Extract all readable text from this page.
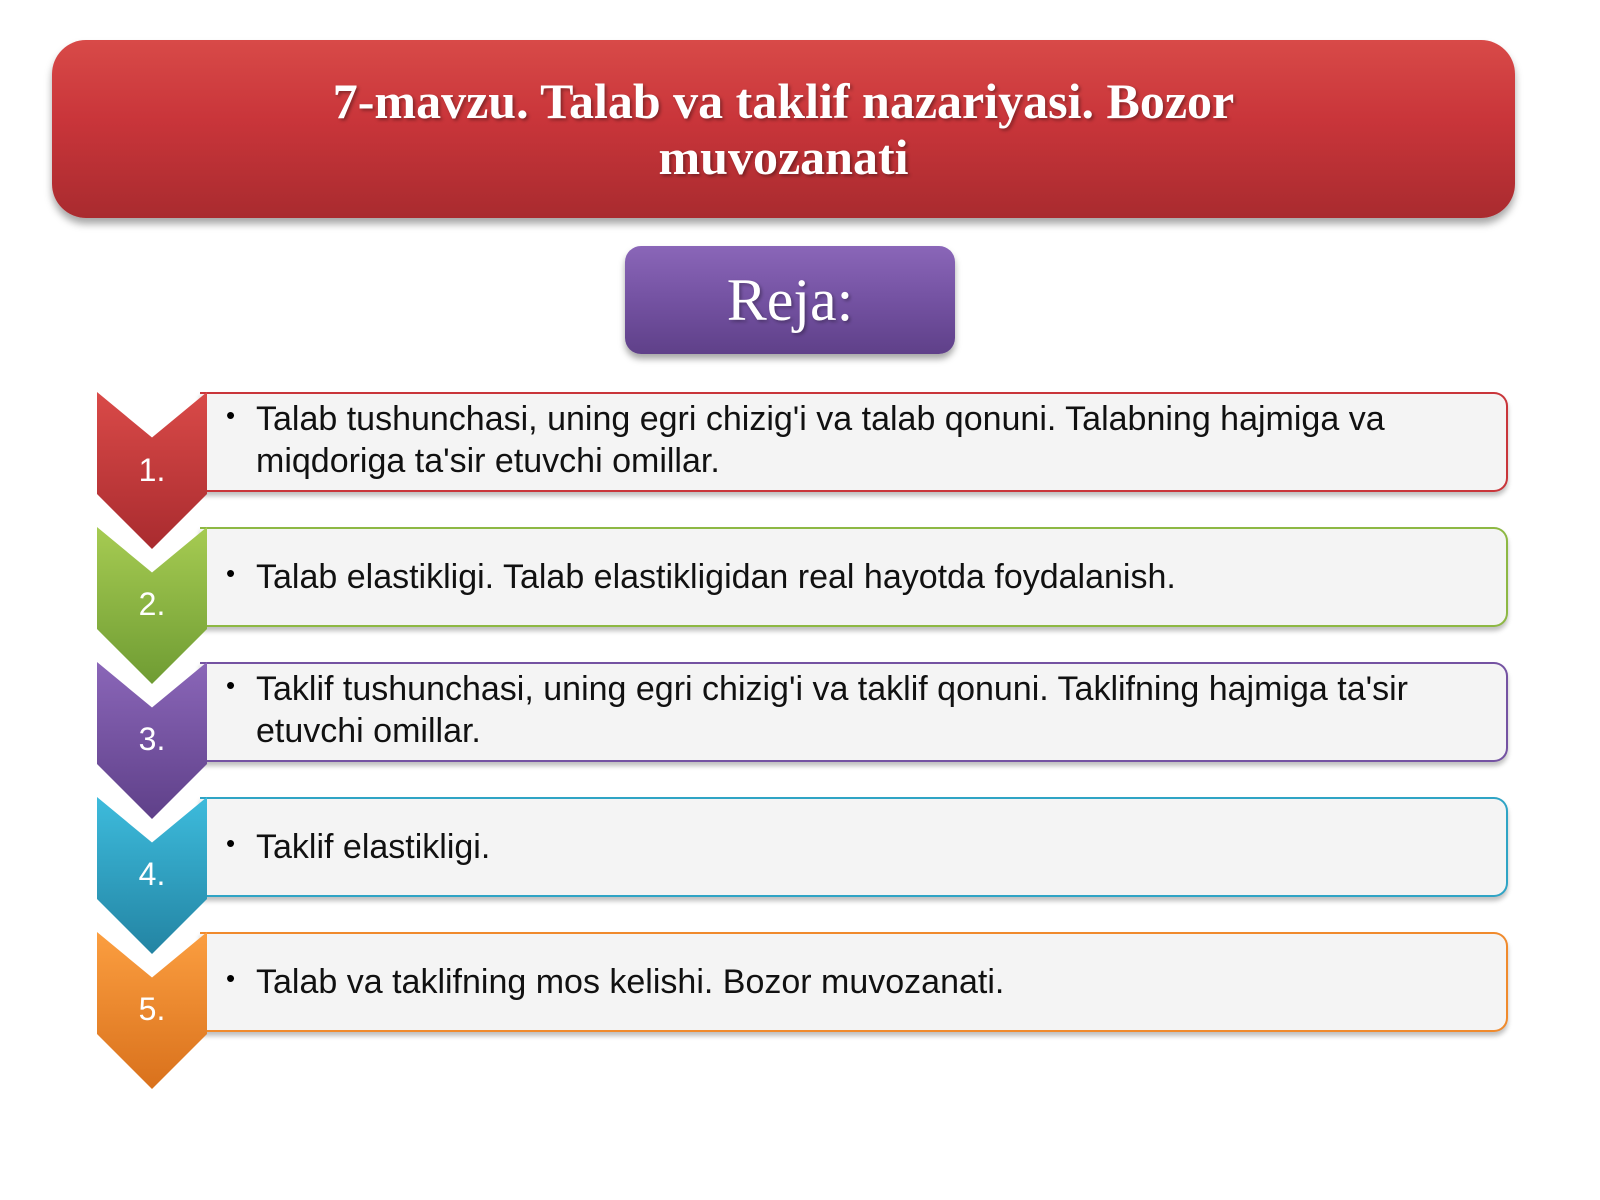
7-mavzu. Talab va taklif nazariyasi. Bozor muvozanati
Reja:
• Talab tushunchasi, uning egri chizig'i va talab qonuni. Talabning hajmiga va miqdoriga ta'sir etuvchi omillar.
1.
• Talab elastikligi. Talab elastikligidan real hayotda foydalanish.
2.
• Taklif tushunchasi, uning egri chizig'i va taklif qonuni. Taklifning hajmiga ta'sir etuvchi omillar.
3.
• Taklif elastikligi.
4.
• Talab va taklifning mos kelishi. Bozor muvozanati.
5.
